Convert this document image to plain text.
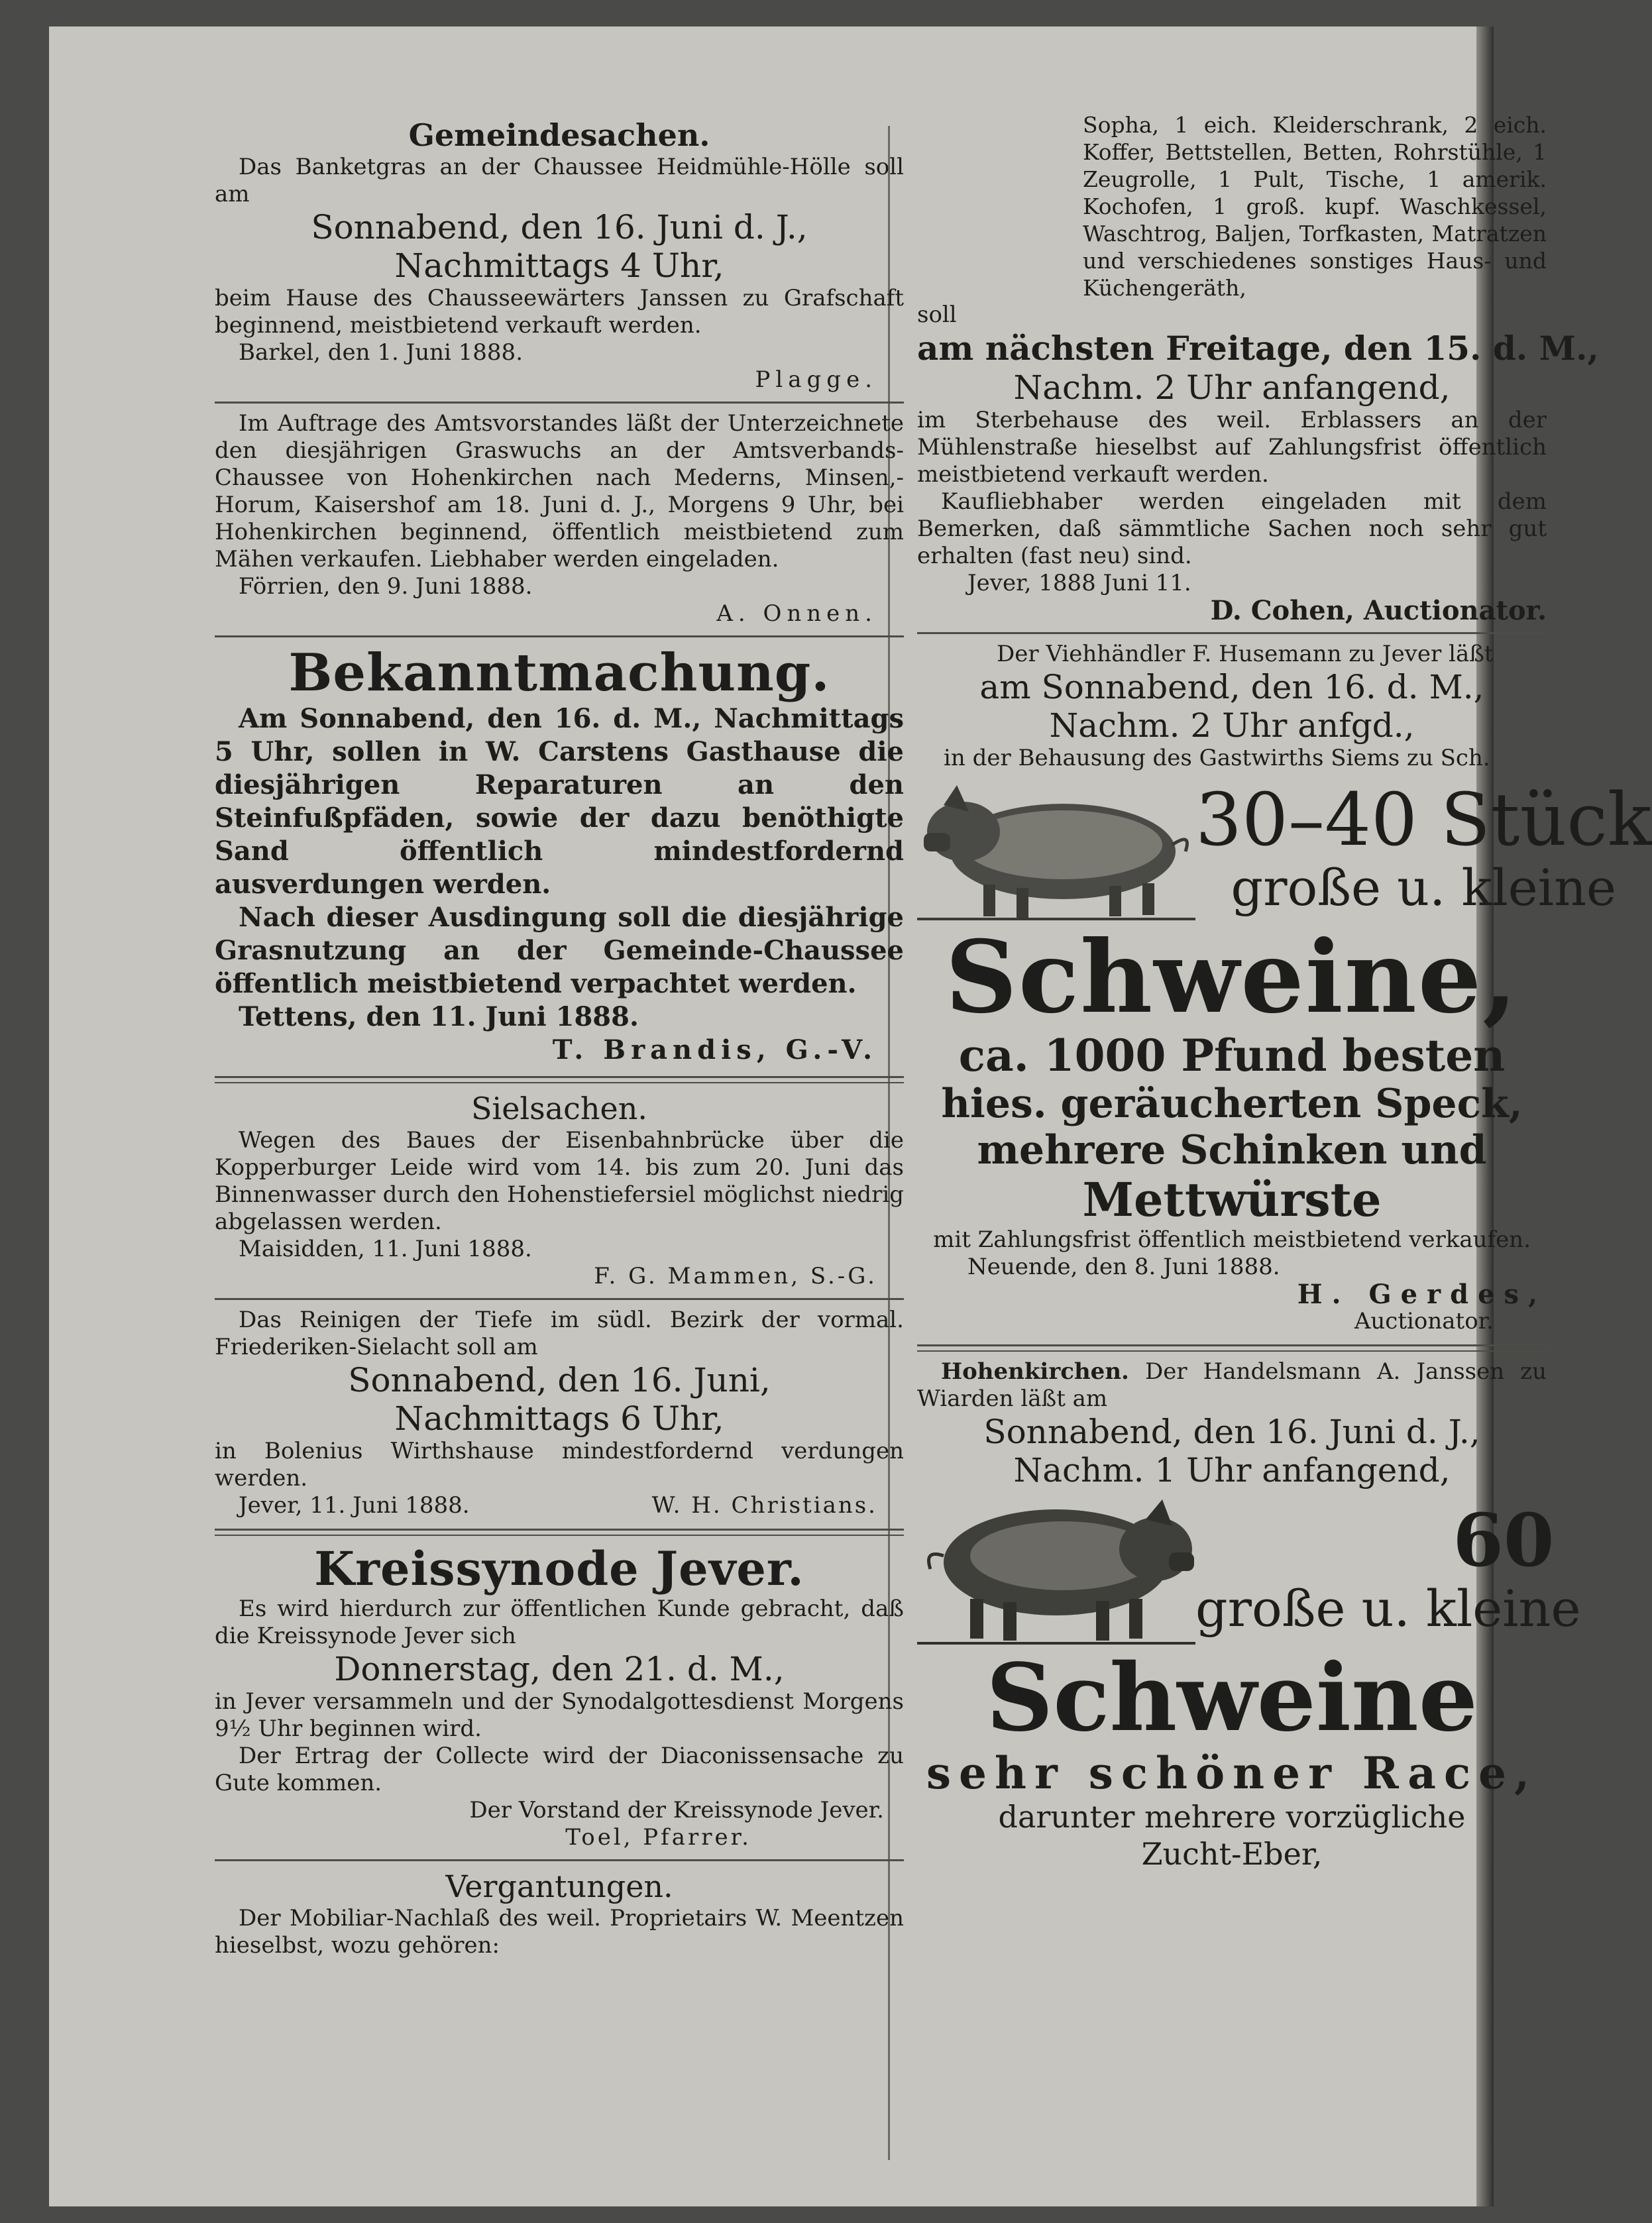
Gemeindesachen.

Das Banketgras an der Chaussee Heidmühle-Hölle soll am

Sonnabend, den 16. Juni d. J.,
Nachmittags 4 Uhr,

beim Hause des Chausseewärters Janssen zu Grafschaft beginnend, meistbietend verkauft werden.

Barkel, den 1. Juni 1888.

Plagge.

Im Auftrage des Amtsvorstandes läßt der Unterzeichnete den diesjährigen Graswuchs an der Amtsverbands-Chaussee von Hohenkirchen nach Mederns, Minsen,-Horum, Kaisershof am 18. Juni d. J., Morgens 9 Uhr, bei Hohenkirchen beginnend, öffentlich meistbietend zum Mähen verkaufen. Liebhaber werden eingeladen.

Förrien, den 9. Juni 1888.

A. Onnen.
Bekanntmachung.

Am Sonnabend, den 16. d. M., Nachmittags 5 Uhr, sollen in W. Carstens Gasthause die diesjährigen Reparaturen an den Steinfußpfäden, sowie der dazu benöthigte Sand öffentlich mindestfordernd ausverdungen werden.

Nach dieser Ausdingung soll die diesjährige Grasnutzung an der Gemeinde-Chaussee öffentlich meistbietend verpachtet werden.

Tettens, den 11. Juni 1888.

T. Brandis, G.-V.
Sielsachen.

Wegen des Baues der Eisenbahnbrücke über die Kopperburger Leide wird vom 14. bis zum 20. Juni das Binnenwasser durch den Hohenstiefersiel möglichst niedrig abgelassen werden.

Maisidden, 11. Juni 1888.

F. G. Mammen, S.-G.

Das Reinigen der Tiefe im südl. Bezirk der vormal. Friederiken-Sielacht soll am

Sonnabend, den 16. Juni,
Nachmittags 6 Uhr,

in Bolenius Wirthshause mindestfordernd verdungen werden.

Jever, 11. Juni 1888.	W. H. Christians.
Kreissynode Jever.

Es wird hierdurch zur öffentlichen Kunde gebracht, daß die Kreissynode Jever sich

Donnerstag, den 21. d. M.,

in Jever versammeln und der Synodalgottesdienst Morgens 9½ Uhr beginnen wird.

Der Ertrag der Collecte wird der Diaconissensache zu Gute kommen.

Der Vorstand der Kreissynode Jever.
Toel, Pfarrer.
Vergantungen.

Der Mobiliar-Nachlaß des weil. Proprietairs W. Meentzen hieselbst, wozu gehören:

Sopha, 1 eich. Kleiderschrank, 2 eich. Koffer, Bettstellen, Betten, Rohrstühle, 1 Zeugrolle, 1 Pult, Tische, 1 amerik. Kochofen, 1 groß. kupf. Waschkessel, Waschtrog, Baljen, Torfkasten, Matratzen und verschiedenes sonstiges Haus- und Küchengeräth,

soll

am nächsten Freitage, den 15. d. M.,
Nachm. 2 Uhr anfangend,

im Sterbehause des weil. Erblassers an der Mühlenstraße hieselbst auf Zahlungsfrist öffentlich meistbietend verkauft werden.

Kaufliebhaber werden eingeladen mit dem Bemerken, daß sämmtliche Sachen noch sehr gut erhalten (fast neu) sind.

Jever, 1888 Juni 11.

D. Cohen, Auctionator.

Der Viehhändler F. Husemann zu Jever läßt

am Sonnabend, den 16. d. M.,
Nachm. 2 Uhr anfgd.,

in der Behausung des Gastwirths Siems zu Sch.

30–40 Stück
große u. kleine
Schweine,
ca. 1000 Pfund besten
hies. geräucherten Speck,
mehrere Schinken und
Mettwürste

mit Zahlungsfrist öffentlich meistbietend verkaufen.

Neuende, den 8. Juni 1888.

H. Gerdes,
Auctionator.

Hohenkirchen. Der Handelsmann A. Janssen zu Wiarden läßt am

Sonnabend, den 16. Juni d. J.,
Nachm. 1 Uhr anfangend,
60
große u. kleine
Schweine
sehr schöner Race,
darunter mehrere vorzügliche
Zucht-Eber,
